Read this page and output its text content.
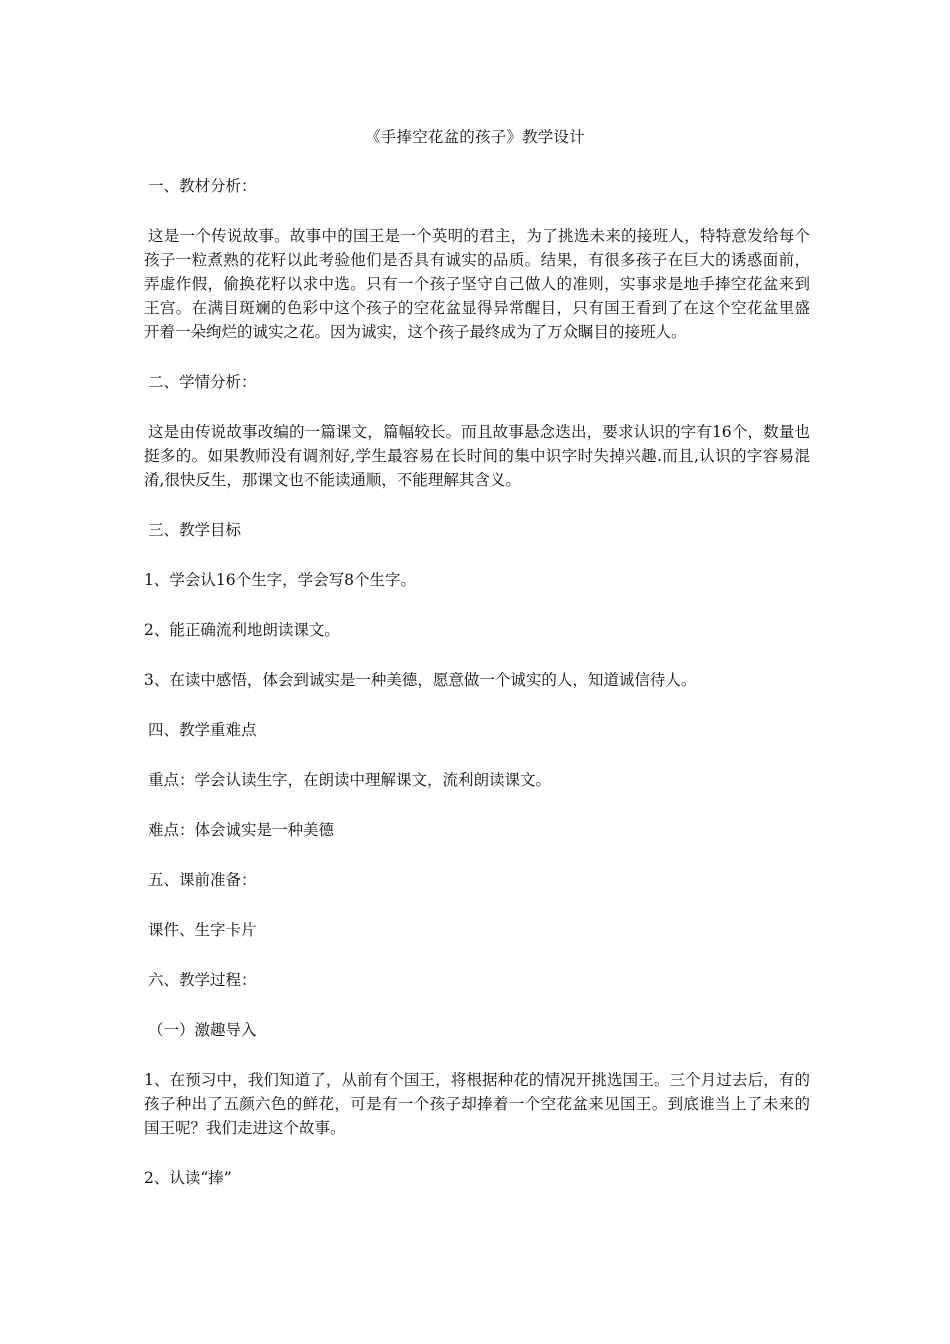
《手捧空花盆的孩子》教学设计

一、教材分析：

这是一个传说故事。故事中的国王是一个英明的君主，为了挑选未来的接班人，特特意发给每个孩子一粒煮熟的花籽以此考验他们是否具有诚实的品质。结果，有很多孩子在巨大的诱惑面前，弄虚作假，偷换花籽以求中选。只有一个孩子坚守自己做人的准则，实事求是地手捧空花盆来到王宫。在满目斑斓的色彩中这个孩子的空花盆显得异常醒目，只有国王看到了在这个空花盆里盛开着一朵绚烂的诚实之花。因为诚实，这个孩子最终成为了万众瞩目的接班人。

二、学情分析：

这是由传说故事改编的一篇课文，篇幅较长。而且故事悬念迭出，要求认识的字有16个，数量也挺多的。如果教师没有调剂好,学生最容易在长时间的集中识字时失掉兴趣.而且,认识的字容易混淆,很快反生，那课文也不能读通顺，不能理解其含义。

三、教学目标

1、学会认16个生字，学会写8个生字。

2、能正确流利地朗读课文。

3、在读中感悟，体会到诚实是一种美德，愿意做一个诚实的人，知道诚信待人。

四、教学重难点

重点：学会认读生字，在朗读中理解课文，流利朗读课文。

难点：体会诚实是一种美德

五、课前准备：

课件、生字卡片

六、教学过程：

（一）激趣导入

1、在预习中，我们知道了，从前有个国王，将根据种花的情况开挑选国王。三个月过去后，有的孩子种出了五颜六色的鲜花，可是有一个孩子却捧着一个空花盆来见国王。到底谁当上了未来的国王呢？我们走进这个故事。

2、认读“捧”
